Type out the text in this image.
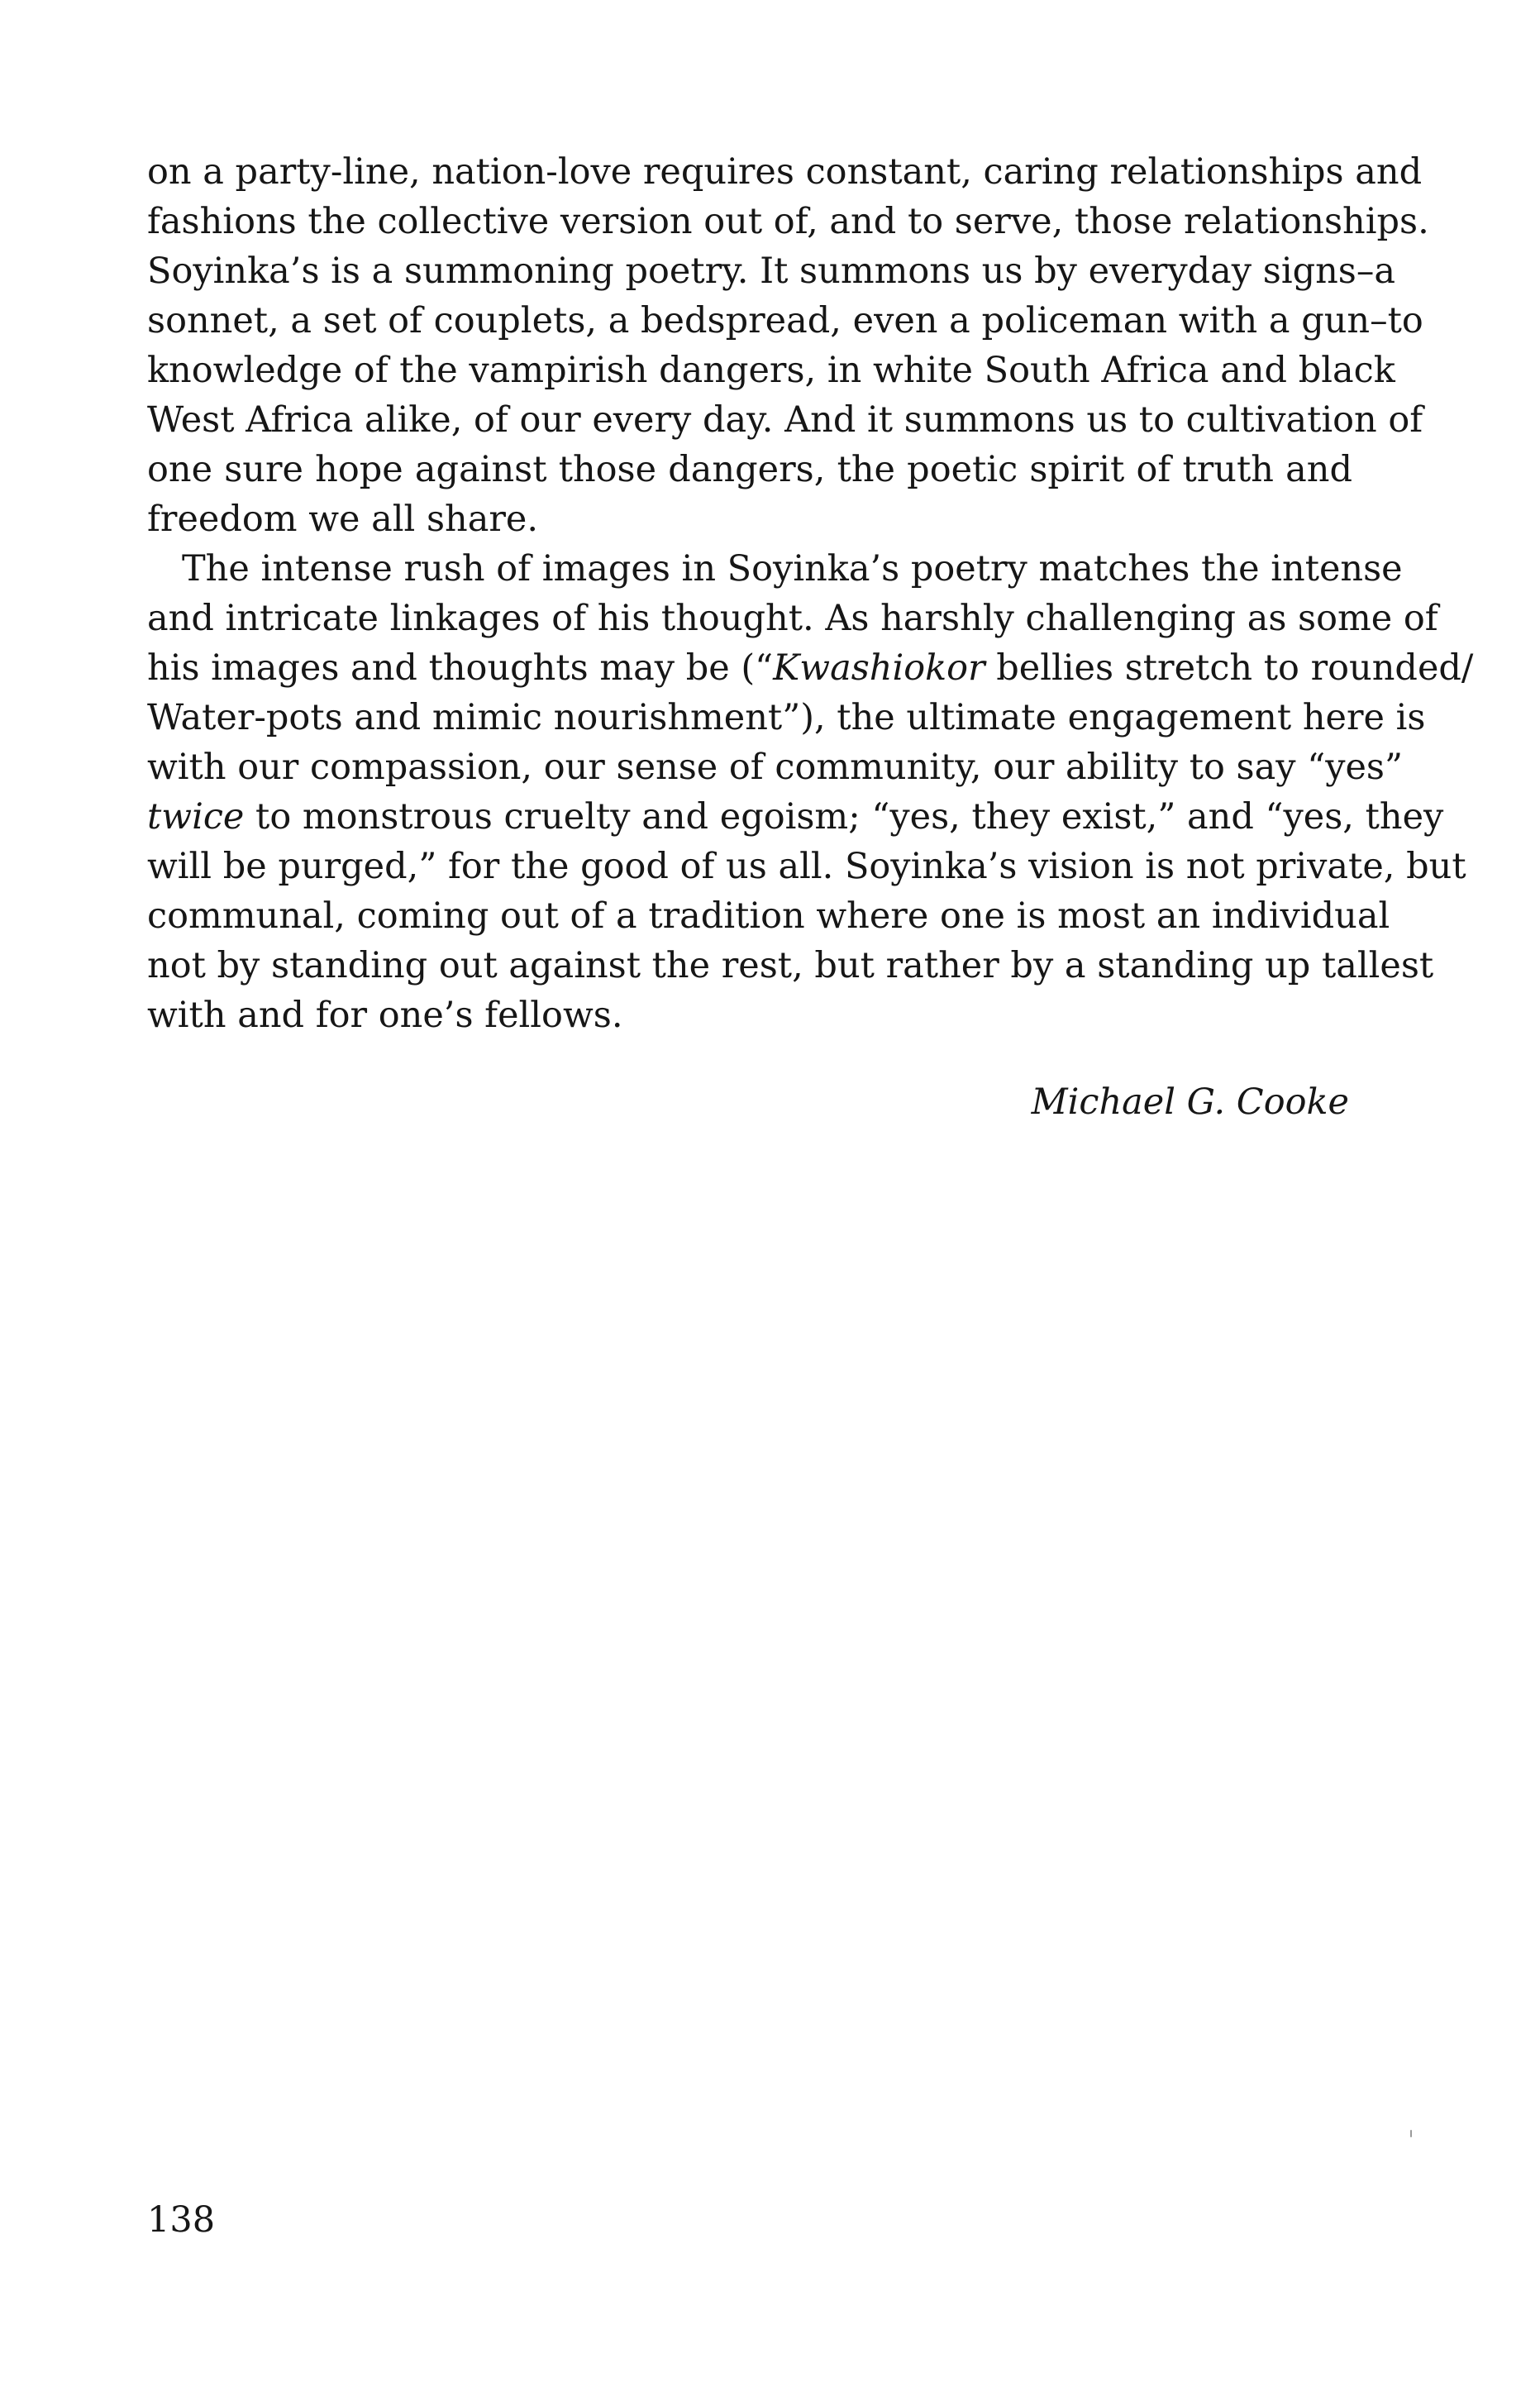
on a party-line, nation-love requires constant, caring relationships and
fashions the collective version out of, and to serve, those relationships.
Soyinka’s is a summoning poetry. It summons us by everyday signs–a
sonnet, a set of couplets, a bedspread, even a policeman with a gun–to
knowledge of the vampirish dangers, in white South Africa and black
West Africa alike, of our every day. And it summons us to cultivation of
one sure hope against those dangers, the poetic spirit of truth and
freedom we all share.
The intense rush of images in Soyinka’s poetry matches the intense
and intricate linkages of his thought. As harshly challenging as some of
his images and thoughts may be (“Kwashiokor bellies stretch to rounded/
Water-pots and mimic nourishment”), the ultimate engagement here is
with our compassion, our sense of community, our ability to say “yes”
twice to monstrous cruelty and egoism; “yes, they exist,” and “yes, they
will be purged,” for the good of us all. Soyinka’s vision is not private, but
communal, coming out of a tradition where one is most an individual
not by standing out against the rest, but rather by a standing up tallest
with and for one’s fellows.
Michael G. Cooke
138
